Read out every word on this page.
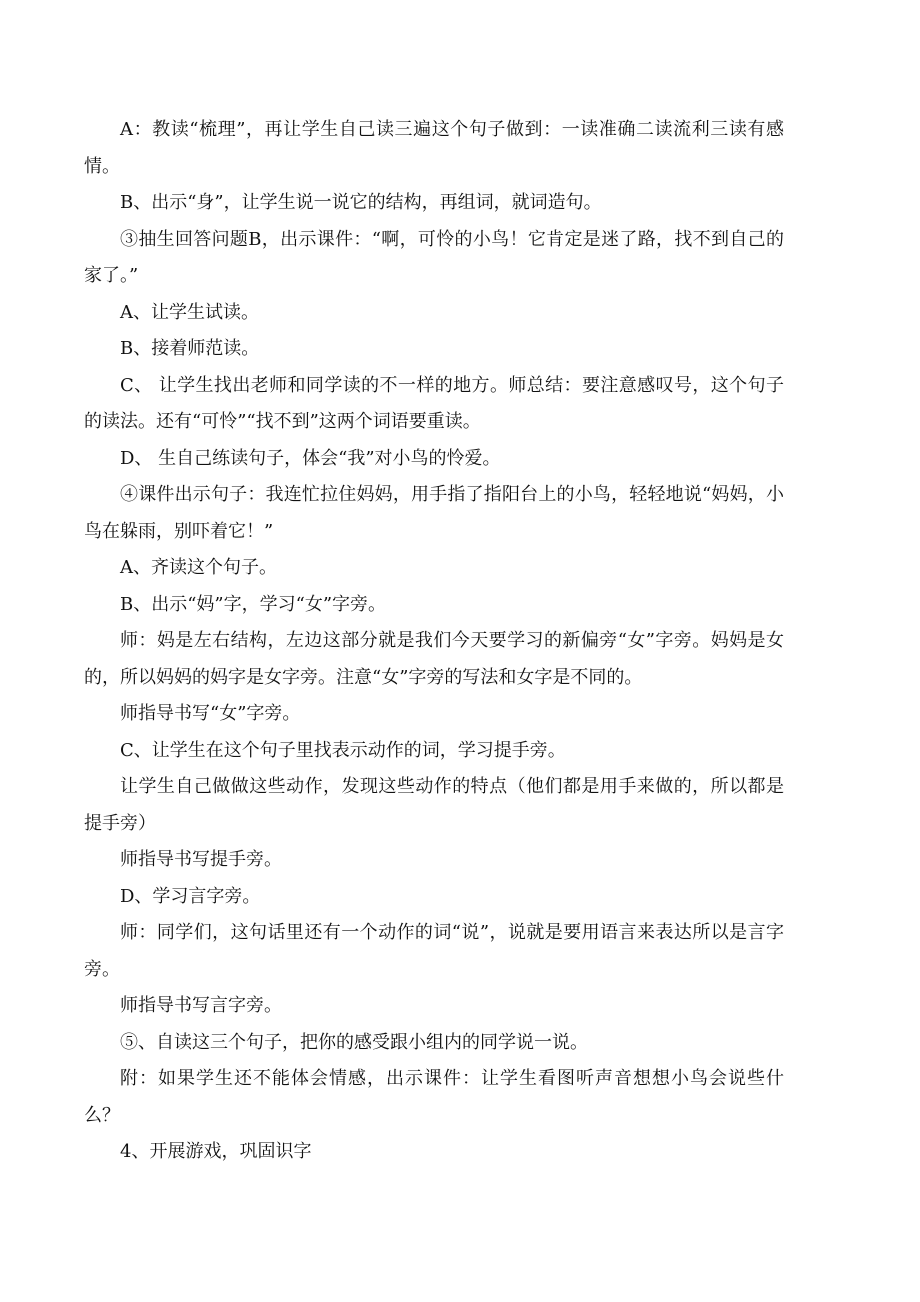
A：教读“梳理”，再让学生自己读三遍这个句子做到：一读准确二读流利三读有感情。

B、出示“身”，让学生说一说它的结构，再组词，就词造句。

③抽生回答问题B，出示课件：“啊，可怜的小鸟！它肯定是迷了路，找不到自己的家了。”

A、让学生试读。

B、接着师范读。

C、 让学生找出老师和同学读的不一样的地方。师总结：要注意感叹号，这个句子的读法。还有“可怜”“找不到”这两个词语要重读。

D、 生自己练读句子，体会“我”对小鸟的怜爱。

④课件出示句子：我连忙拉住妈妈，用手指了指阳台上的小鸟，轻轻地说“妈妈，小鸟在躲雨，别吓着它！”

A、齐读这个句子。

B、出示“妈”字，学习“女”字旁。

师：妈是左右结构，左边这部分就是我们今天要学习的新偏旁“女”字旁。妈妈是女的，所以妈妈的妈字是女字旁。注意“女”字旁的写法和女字是不同的。

师指导书写“女”字旁。

C、让学生在这个句子里找表示动作的词，学习提手旁。

让学生自己做做这些动作，发现这些动作的特点（他们都是用手来做的，所以都是提手旁）

师指导书写提手旁。

D、学习言字旁。

师：同学们，这句话里还有一个动作的词“说”，说就是要用语言来表达所以是言字旁。

师指导书写言字旁。

⑤、自读这三个句子，把你的感受跟小组内的同学说一说。

附：如果学生还不能体会情感，出示课件：让学生看图听声音想想小鸟会说些什么？

4、开展游戏，巩固识字
